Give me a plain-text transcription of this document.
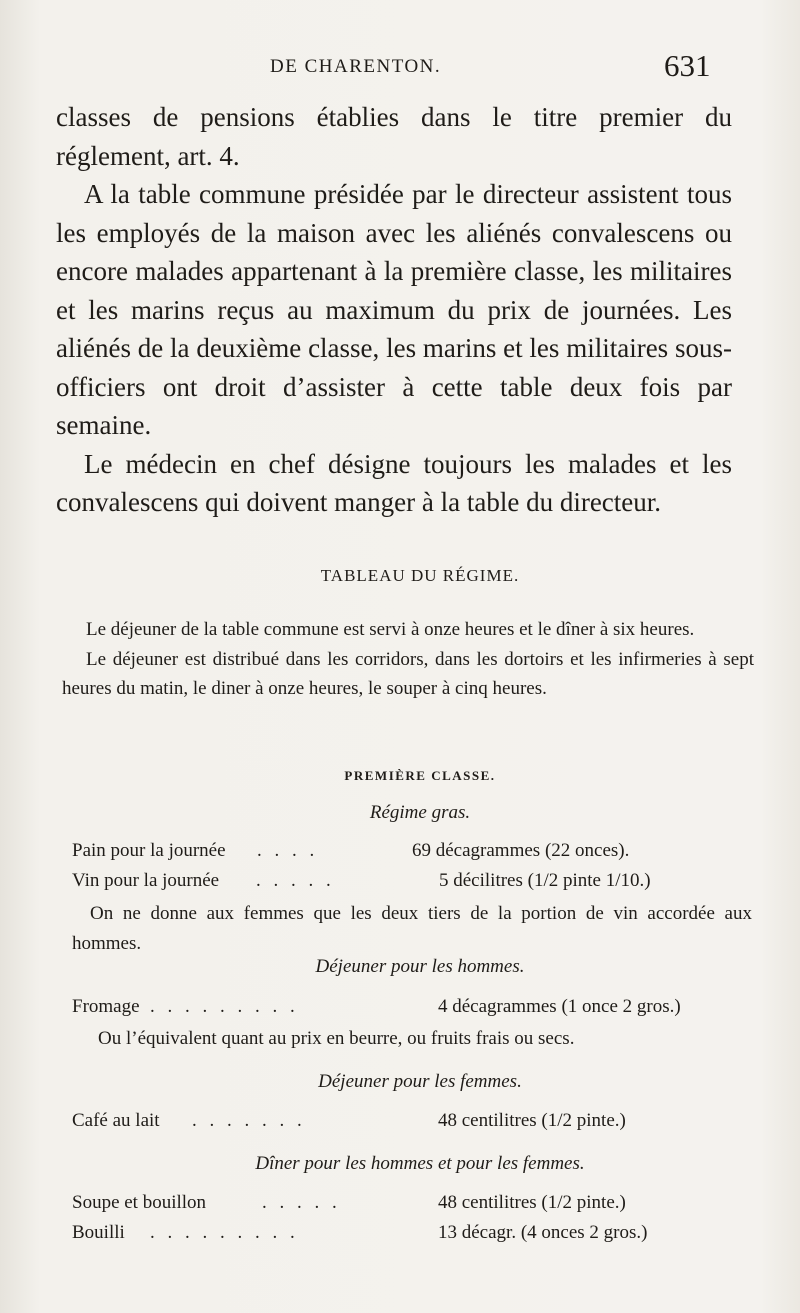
DE CHARENTON.	631

classes de pensions établies dans le titre premier du réglement, art. 4.

A la table commune présidée par le directeur assistent tous les employés de la maison avec les aliénés convalescens ou encore malades appartenant à la première classe, les militaires et les marins reçus au maximum du prix de journées. Les aliénés de la deuxième classe, les marins et les militaires sous-officiers ont droit d’assister à cette table deux fois par semaine.

Le médecin en chef désigne toujours les malades et les convalescens qui doivent manger à la table du directeur.

TABLEAU DU RÉGIME.

Le déjeuner de la table commune est servi à onze heures et le dîner à six heures.

Le déjeuner est distribué dans les corridors, dans les dortoirs et les infirmeries à sept heures du matin, le diner à onze heures, le souper à cinq heures.

PREMIÈRE CLASSE.
Régime gras.
. . . .
Pain pour la journée	69 décagrammes (22 onces).
. . . . .
Vin pour la journée	5 décilitres (1/2 pinte 1/10.)
On ne donne aux femmes que les deux tiers de la portion de vin accordée aux hommes.
Déjeuner pour les hommes.
. . . . . . . . .
Fromage	4 décagrammes (1 once 2 gros.)
Ou l’équivalent quant au prix en beurre, ou fruits frais ou secs.
Déjeuner pour les femmes.
. . . . . . .
Café au lait	48 centilitres (1/2 pinte.)
Dîner pour les hommes et pour les femmes.
. . . . .
Soupe et bouillon	48 centilitres (1/2 pinte.)
. . . . . . . . .
Bouilli	13 décagr. (4 onces 2 gros.)
